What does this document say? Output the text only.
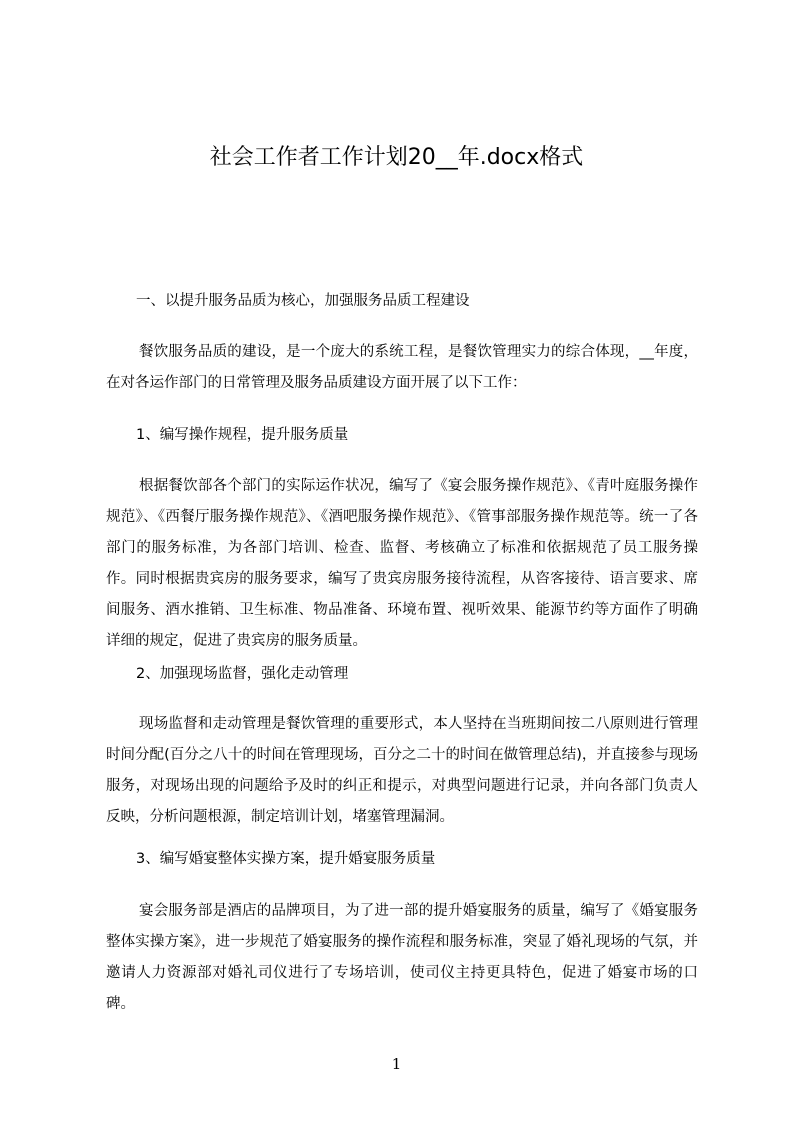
社会工作者工作计划20__年.docx格式
一、以提升服务品质为核心，加强服务品质工程建设

餐饮服务品质的建设，是一个庞大的系统工程，是餐饮管理实力的综合体现，__年度，在对各运作部门的日常管理及服务品质建设方面开展了以下工作：

1、编写操作规程，提升服务质量

根据餐饮部各个部门的实际运作状况，编写了《宴会服务操作规范》、《青叶庭服务操作规范》、《西餐厅服务操作规范》、《酒吧服务操作规范》、《管事部服务操作规范等。统一了各部门的服务标准，为各部门培训、检查、监督、考核确立了标准和依据规范了员工服务操作。同时根据贵宾房的服务要求，编写了贵宾房服务接待流程，从咨客接待、语言要求、席间服务、酒水推销、卫生标准、物品准备、环境布置、视听效果、能源节约等方面作了明确详细的规定，促进了贵宾房的服务质量。

2、加强现场监督，强化走动管理

现场监督和走动管理是餐饮管理的重要形式，本人坚持在当班期间按二八原则进行管理时间分配(百分之八十的时间在管理现场，百分之二十的时间在做管理总结)，并直接参与现场服务，对现场出现的问题给予及时的纠正和提示，对典型问题进行记录，并向各部门负责人反映，分析问题根源，制定培训计划，堵塞管理漏洞。

3、编写婚宴整体实操方案，提升婚宴服务质量

宴会服务部是酒店的品牌项目，为了进一部的提升婚宴服务的质量，编写了《婚宴服务整体实操方案》，进一步规范了婚宴服务的操作流程和服务标准，突显了婚礼现场的气氛，并邀请人力资源部对婚礼司仪进行了专场培训，使司仪主持更具特色，促进了婚宴市场的口碑。

1
